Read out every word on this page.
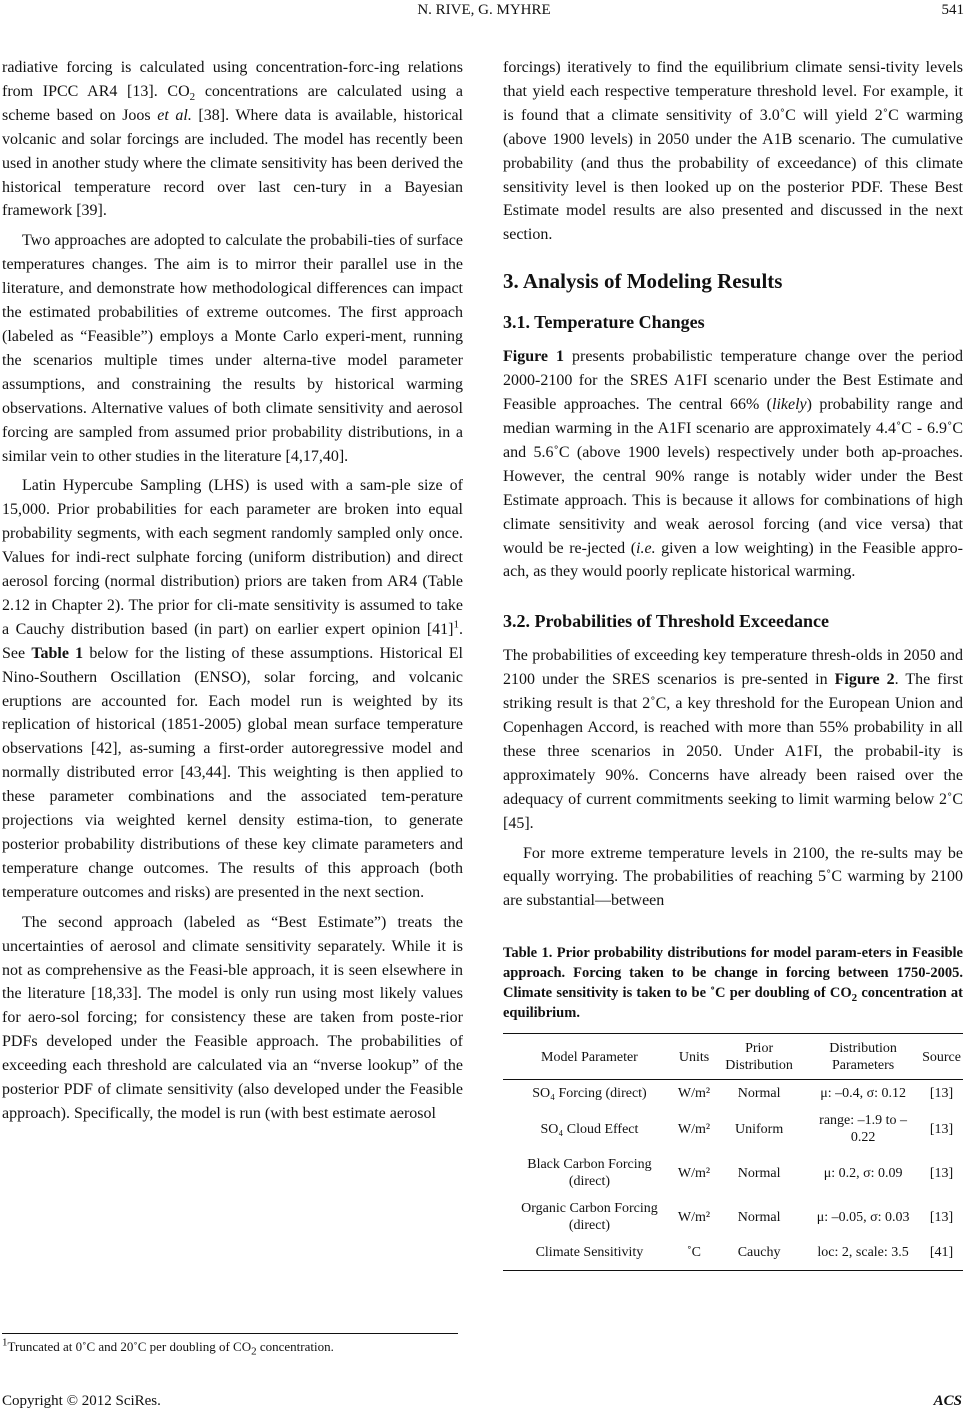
N. RIVE, G. MYHRE	541

radiative forcing is calculated using concentration-forc-ing relations from IPCC AR4 [13]. $CO_2$ concentrations are calculated using a scheme based on Joos et al. [38]. Where data is available, historical volcanic and solar forcings are included. The model has recently been used in another study where the climate sensitivity has been derived the historical temperature record over last cen-tury in a Bayesian framework [39].

Two approaches are adopted to calculate the probabili-ties of surface temperatures changes. The aim is to mirror their parallel use in the literature, and demonstrate how methodological differences can impact the estimated probabilities of extreme outcomes. The first approach (labeled as “Feasible”) employs a Monte Carlo experi-ment, running the scenarios multiple times under alterna-tive model parameter assumptions, and constraining the results by historical warming observations. Alternative values of both climate sensitivity and aerosol forcing are sampled from assumed prior probability distributions, in a similar vein to other studies in the literature [4,17,40].

Latin Hypercube Sampling (LHS) is used with a sam-ple size of 15,000. Prior probabilities for each parameter are broken into equal probability segments, with each segment randomly sampled only once. Values for indi-rect sulphate forcing (uniform distribution) and direct aerosol forcing (normal distribution) priors are taken from AR4 (Table 2.12 in Chapter 2). The prior for cli-mate sensitivity is assumed to take a Cauchy distribution based (in part) on earlier expert opinion $[41]^1$. See Table 1 below for the listing of these assumptions. Historical El Nino-Southern Oscillation (ENSO), solar forcing, and volcanic eruptions are accounted for. Each model run is weighted by its replication of historical (1851-2005) global mean surface temperature observations [42], as-suming a first-order autoregressive model and normally distributed error [43,44]. This weighting is then applied to these parameter combinations and the associated tem-perature projections via weighted kernel density estima-tion, to generate posterior probability distributions of these key climate parameters and temperature change outcomes. The results of this approach (both temperature outcomes and risks) are presented in the next section.

The second approach (labeled as “Best Estimate”) treats the uncertainties of aerosol and climate sensitivity separately. While it is not as comprehensive as the Feasi-ble approach, it is seen elsewhere in the literature [18,33]. The model is only run using most likely values for aero-sol forcing; for consistency these are taken from poste-rior PDFs developed under the Feasible approach. The probabilities of exceeding each threshold are calculated via an “nverse lookup” of the posterior PDF of climate sensitivity (also developed under the Feasible approach). Specifically, the model is run (with best estimate aerosol

forcings) iteratively to find the equilibrium climate sensi-tivity levels that yield each respective temperature threshold level. For example, it is found that a climate sensitivity of 3.0˚C will yield 2˚C warming (above 1900 levels) in 2050 under the A1B scenario. The cumulative probability (and thus the probability of exceedance) of this climate sensitivity level is then looked up on the posterior PDF. These Best Estimate model results are also presented and discussed in the next section.

3. Analysis of Modeling Results
3.1. Temperature Changes

Figure 1 presents probabilistic temperature change over the period 2000-2100 for the SRES A1FI scenario under the Best Estimate and Feasible approaches. The central 66% (likely) probability range and median warming in the A1FI scenario are approximately 4.4˚C - 6.9˚C and 5.6˚C (above 1900 levels) respectively under both ap-proaches. However, the central 90% range is notably wider under the Best Estimate approach. This is because it allows for combinations of high climate sensitivity and weak aerosol forcing (and vice versa) that would be re-jected (i.e. given a low weighting) in the Feasible appro-ach, as they would poorly replicate historical warming.

3.2. Probabilities of Threshold Exceedance

The probabilities of exceeding key temperature thresh-olds in 2050 and 2100 under the SRES scenarios is pre-sented in Figure 2. The first striking result is that 2˚C, a key threshold for the European Union and Copenhagen Accord, is reached with more than 55% probability in all these three scenarios in 2050. Under A1FI, the probabil-ity is approximately 90%. Concerns have already been raised over the adequacy of current commitments seeking to limit warming below 2˚C [45].

For more extreme temperature levels in 2100, the re-sults may be equally worrying. The probabilities of reaching 5˚C warming by 2100 are substantial—between

Table 1. Prior probability distributions for model param-eters in Feasible approach. Forcing taken to be change in forcing between 1750-2005. Climate sensitivity is taken to be ˚C per doubling of $CO_2$ concentration at equilibrium.
Model Parameter	Units	Prior Distribution	Distribution Parameters	Source
SO₄ Forcing (direct)	W/m²	Normal	μ: –0.4, σ: 0.12	[13]
SO₄ Cloud Effect	W/m²	Uniform	range: –1.9 to –0.22	[13]
Black Carbon Forcing (direct)	W/m²	Normal	μ: 0.2, σ: 0.09	[13]
Organic Carbon Forcing (direct)	W/m²	Normal	μ: –0.05, σ: 0.03	[13]
Climate Sensitivity	˚C	Cauchy	loc: 2, scale: 3.5	[41]
$^1$Truncated at 0˚C and 20˚C per doubling of $CO_2$ concentration.
Copyright © 2012 SciRes.	ACS
